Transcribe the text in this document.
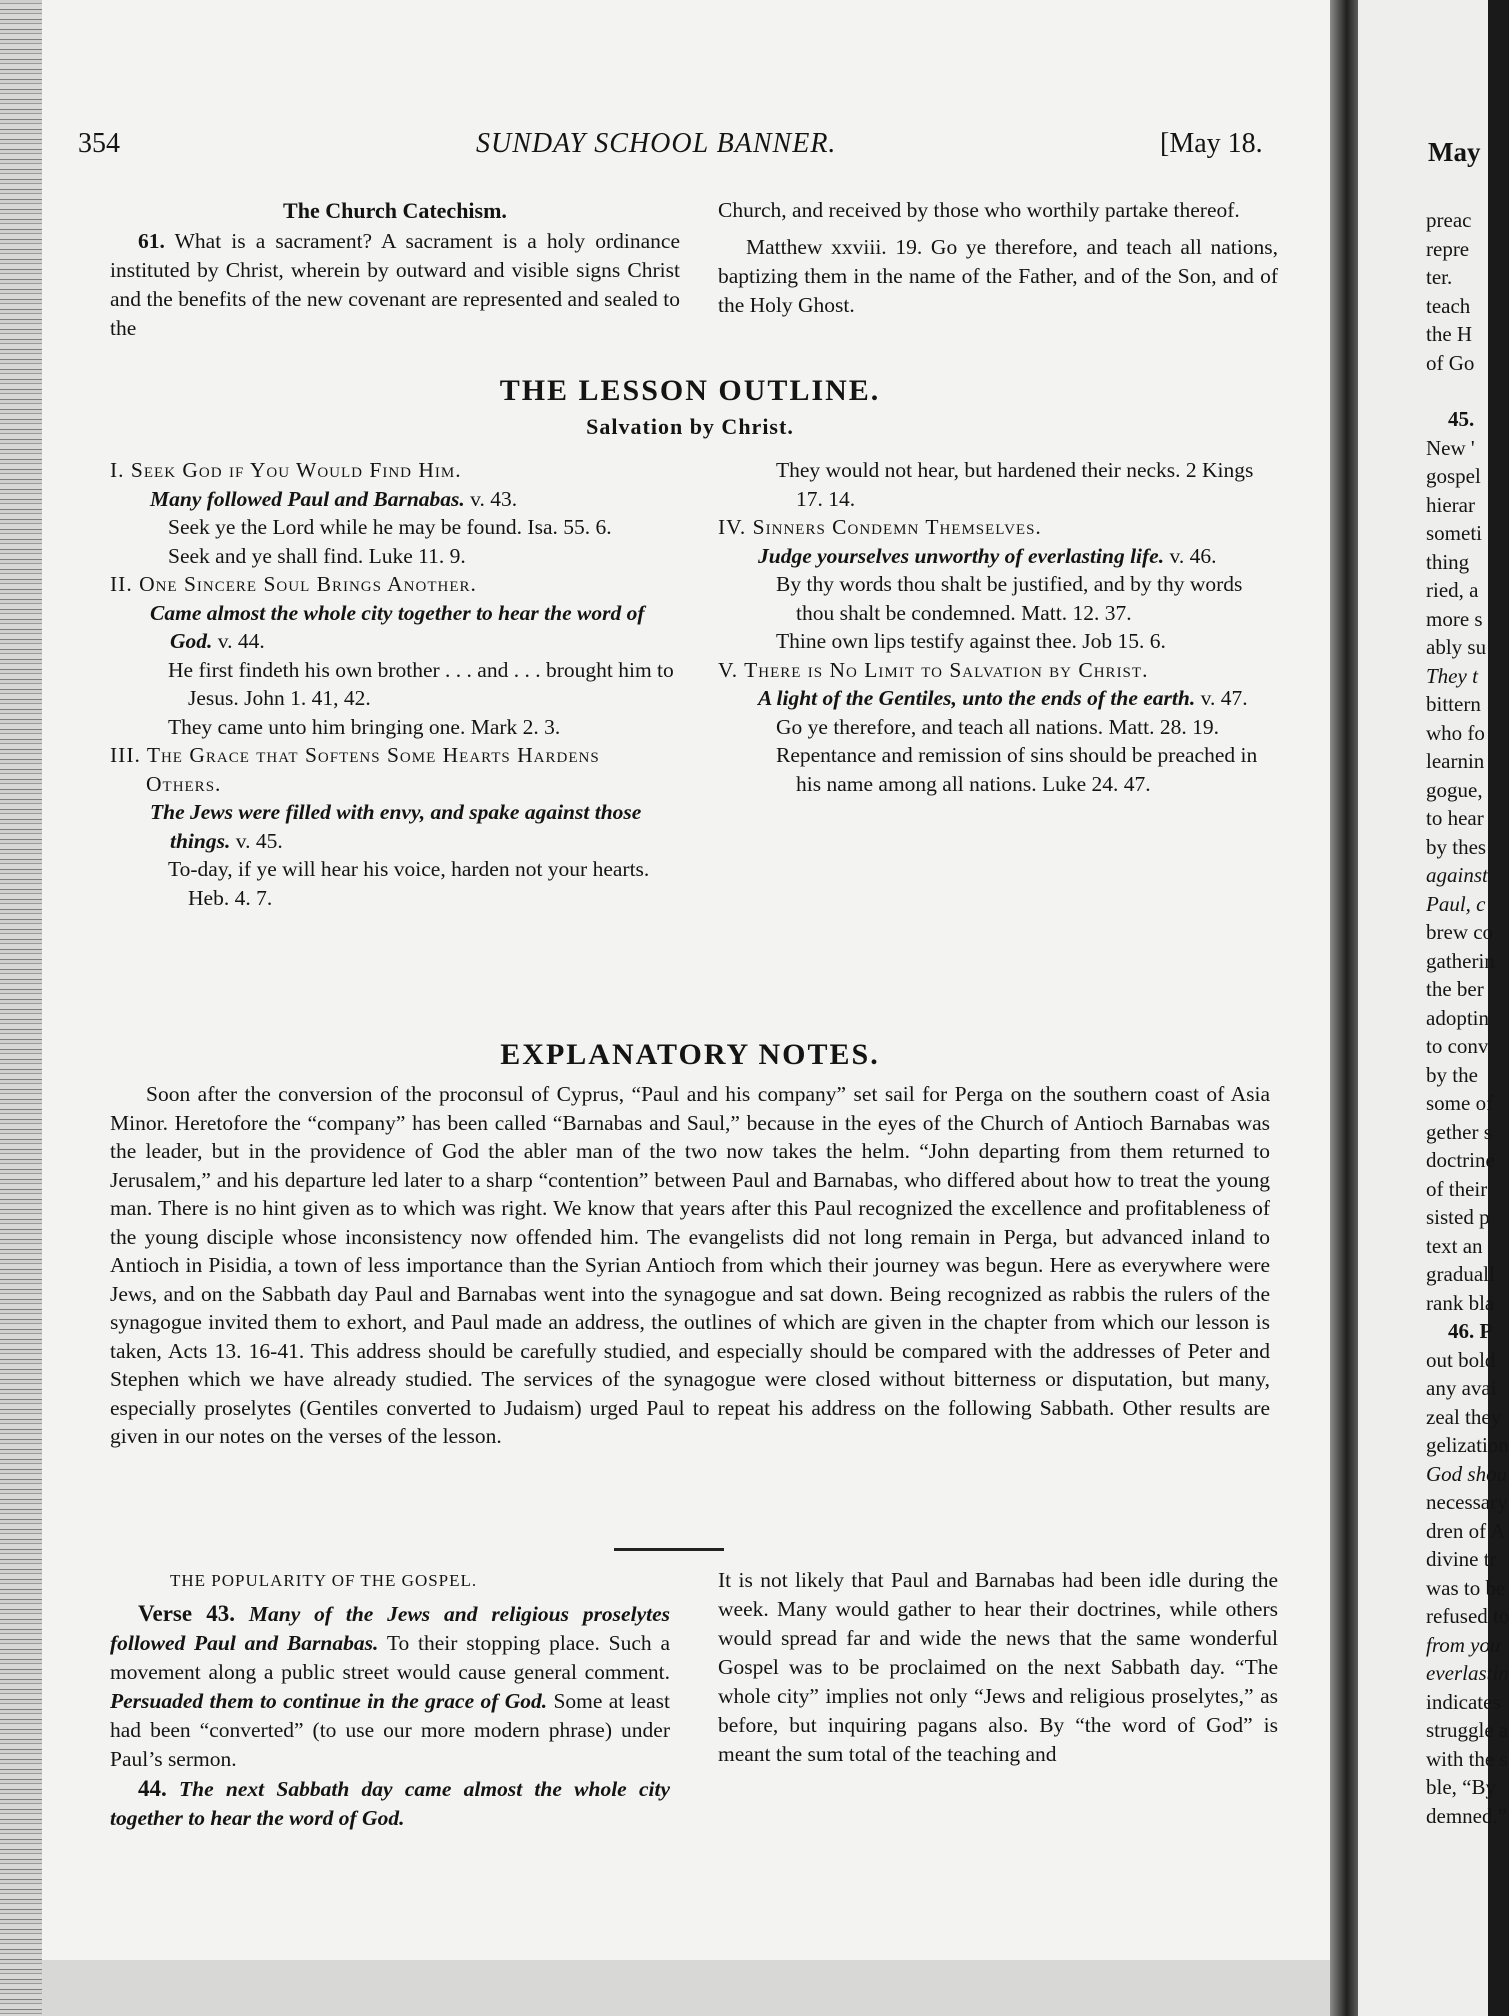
354	SUNDAY SCHOOL BANNER.	[May 18.

The Church Catechism.

61. What is a sacrament? A sacrament is a holy ordinance instituted by Christ, wherein by outward and visible signs Christ and the benefits of the new covenant are represented and sealed to the

Church, and received by those who worthily partake thereof.

Matthew xxviii. 19. Go ye therefore, and teach all nations, baptizing them in the name of the Father, and of the Son, and of the Holy Ghost.

THE LESSON OUTLINE.
Salvation by Christ.

I. Seek God if You Would Find Him.

Many followed Paul and Barnabas. v. 43.

Seek ye the Lord while he may be found. Isa. 55. 6.

Seek and ye shall find. Luke 11. 9.

II. One Sincere Soul Brings Another.

Came almost the whole city together to hear the word of God. v. 44.

He first findeth his own brother . . . and . . . brought him to Jesus. John 1. 41, 42.

They came unto him bringing one. Mark 2. 3.

III. The Grace that Softens Some Hearts Hardens Others.

The Jews were filled with envy, and spake against those things. v. 45.

To-day, if ye will hear his voice, harden not your hearts. Heb. 4. 7.

They would not hear, but hardened their necks. 2 Kings 17. 14.

IV. Sinners Condemn Themselves.

Judge yourselves unworthy of everlasting life. v. 46.

By thy words thou shalt be justified, and by thy words thou shalt be condemned. Matt. 12. 37.

Thine own lips testify against thee. Job 15. 6.

V. There is No Limit to Salvation by Christ.

A light of the Gentiles, unto the ends of the earth. v. 47.

Go ye therefore, and teach all nations. Matt. 28. 19.

Repentance and remission of sins should be preached in his name among all nations. Luke 24. 47.

EXPLANATORY NOTES.

Soon after the conversion of the proconsul of Cyprus, “Paul and his company” set sail for Perga on the southern coast of Asia Minor. Heretofore the “company” has been called “Barnabas and Saul,” because in the eyes of the Church of Antioch Barnabas was the leader, but in the providence of God the abler man of the two now takes the helm. “John departing from them returned to Jerusalem,” and his departure led later to a sharp “contention” between Paul and Barnabas, who differed about how to treat the young man. There is no hint given as to which was right. We know that years after this Paul recognized the excellence and profitableness of the young disciple whose inconsistency now offended him. The evangelists did not long remain in Perga, but advanced inland to Antioch in Pisidia, a town of less importance than the Syrian Antioch from which their journey was begun. Here as everywhere were Jews, and on the Sabbath day Paul and Barnabas went into the synagogue and sat down. Being recognized as rabbis the rulers of the synagogue invited them to exhort, and Paul made an address, the outlines of which are given in the chapter from which our lesson is taken, Acts 13. 16-41. This address should be carefully studied, and especially should be compared with the addresses of Peter and Stephen which we have already studied. The services of the synagogue were closed without bitterness or disputation, but many, especially proselytes (Gentiles converted to Judaism) urged Paul to repeat his address on the following Sabbath. Other results are given in our notes on the verses of the lesson.

THE POPULARITY OF THE GOSPEL.

Verse 43. Many of the Jews and religious proselytes followed Paul and Barnabas. To their stopping place. Such a movement along a public street would cause general comment. Persuaded them to continue in the grace of God. Some at least had been “converted” (to use our more modern phrase) under Paul’s sermon.

44. The next Sabbath day came almost the whole city together to hear the word of God.

It is not likely that Paul and Barnabas had been idle during the week. Many would gather to hear their doctrines, while others would spread far and wide the news that the same wonderful Gospel was to be proclaimed on the next Sabbath day. “The whole city” implies not only “Jews and religious proselytes,” as before, but inquiring pagans also. By “the word of God” is meant the sum total of the teaching and

May
preac
repre
ter.
teach
the H
of Go
45.
New '
gospel
hierar
someti
thing
ried, a
more s
ably su
They t
bittern
who fo
learnin
gogue,
to hear
by thes
against
Paul, c
brew co
gatherin
the ber
adoptin
to conv
by the
some of
gether s
doctrine
of their
sisted p
text an
graduall
rank bla
46. P
out bold
any avai
zeal they
gelization
God shou
necessary
dren of A
divine tr
was to be
refused to
from you
everlastin
indicates
struggle a
with the s
ble, “By
demned.”
